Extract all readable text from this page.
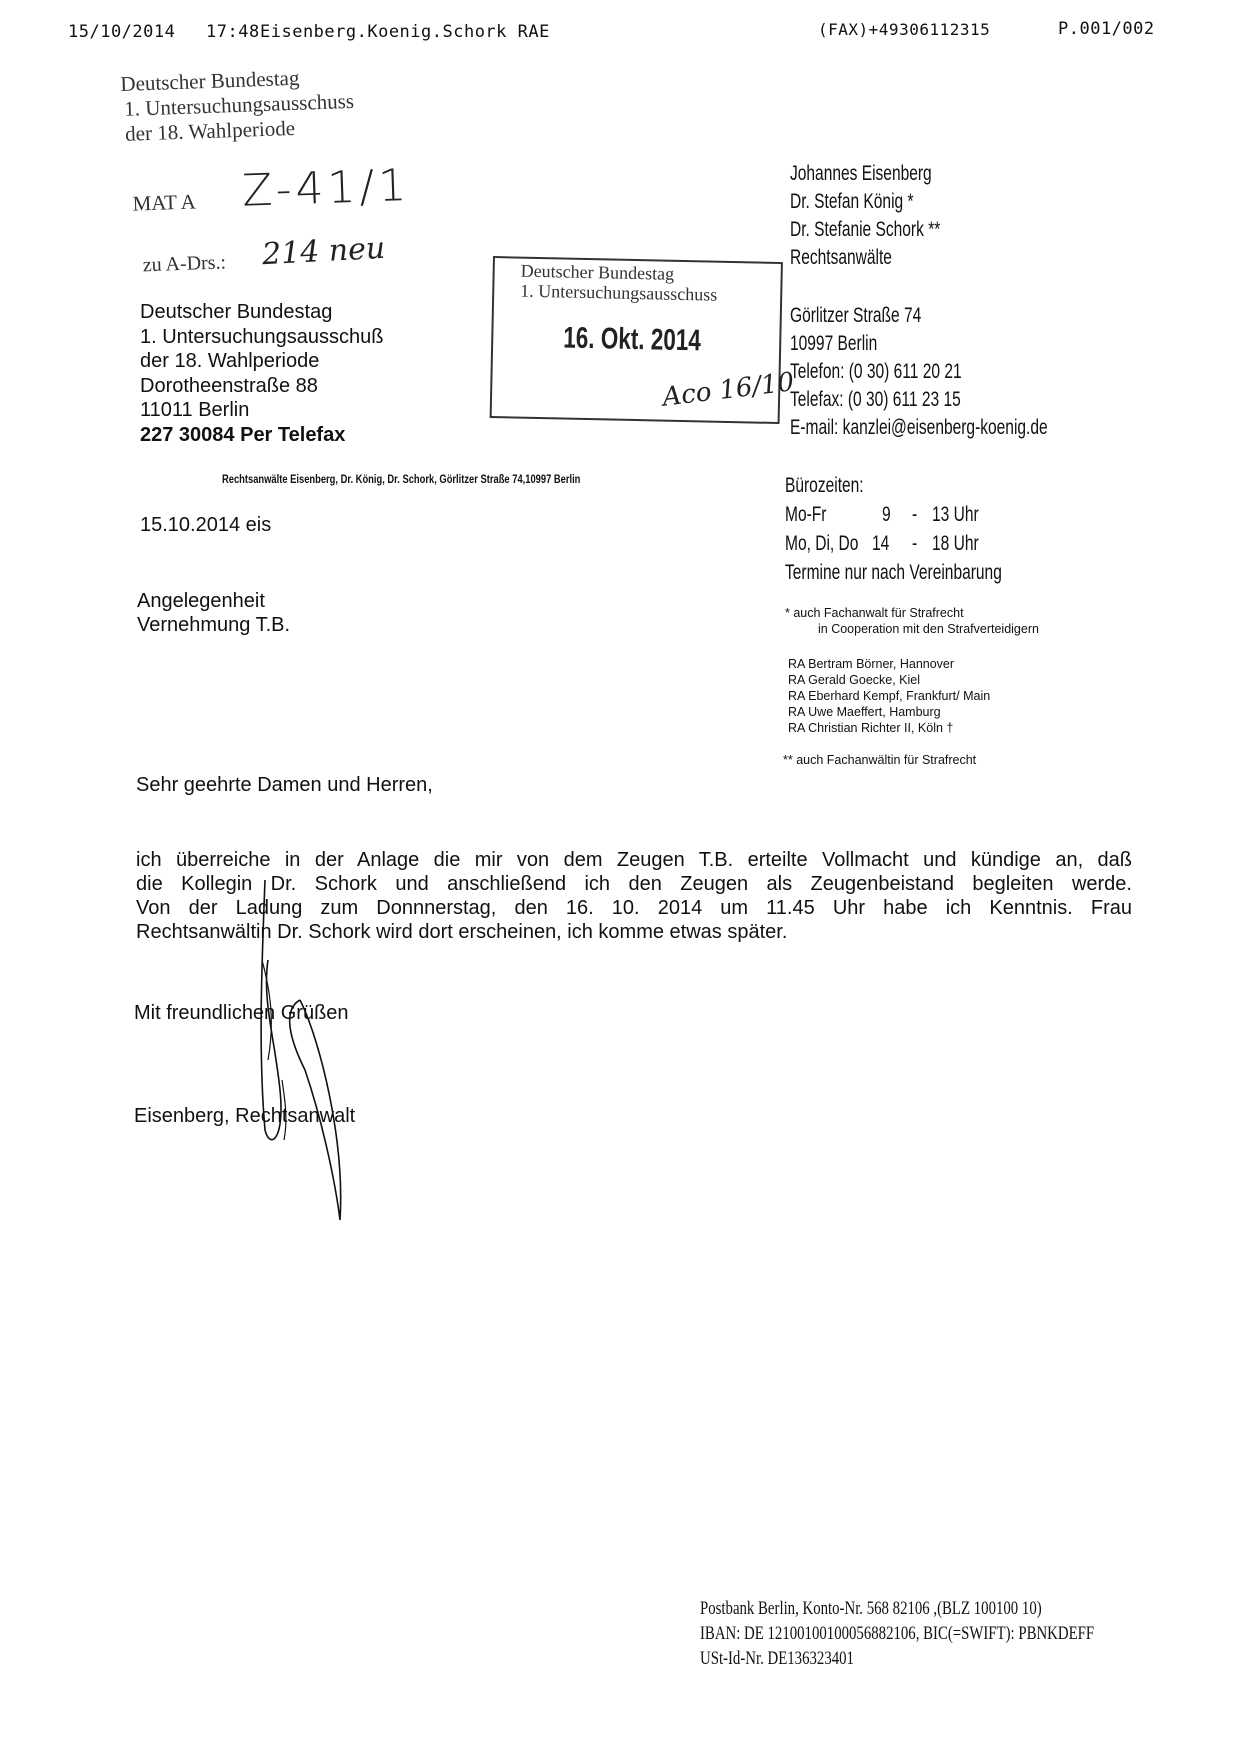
15/10/2014 17:48 Eisenberg.Koenig.Schork RAE	(FAX)+49306112315	P.001/002
Deutscher Bundestag
1. Untersuchungsausschuss
der 18. Wahlperiode
MAT A Z-41/1
zu A-Drs.: 214 neu	Deutscher Bundestag
1. Untersuchungsausschuss
16. Okt. 2014
Aco 16/10
Deutscher Bundestag
1. Untersuchungsausschuß
der 18. Wahlperiode
Dorotheenstraße 88
11011 Berlin
227 30084 Per Telefax
Rechtsanwälte Eisenberg, Dr. König, Dr. Schork, Görlitzer Straße 74,10997 Berlin
15.10.2014 eis
Angelegenheit
Vernehmung T.B.
Johannes Eisenberg
Dr. Stefan König *
Dr. Stefanie Schork **
Rechtsanwälte
Görlitzer Straße 74
10997 Berlin
Telefon: (0 30) 611 20 21
Telefax: (0 30) 611 23 15
E-mail: kanzlei@eisenberg-koenig.de
Bürozeiten:
Mo-Fr	9 - 13 Uhr
Mo, Di, Do 14 - 18 Uhr
Termine nur nach Vereinbarung
* auch Fachanwalt für Strafrecht
in Cooperation mit den Strafverteidigern
RA Bertram Börner, Hannover
RA Gerald Goecke, Kiel
RA Eberhard Kempf, Frankfurt/ Main
RA Uwe Maeffert, Hamburg
RA Christian Richter II, Köln †
** auch Fachanwältin für Strafrecht
Sehr geehrte Damen und Herren,
ich überreiche in der Anlage die mir von dem Zeugen T.B. erteilte Vollmacht und kündige an, daß
die Kollegin Dr. Schork und anschließend ich den Zeugen als Zeugenbeistand begleiten werde.
Von der Ladung zum Donnnerstag, den 16. 10. 2014 um 11.45 Uhr habe ich Kenntnis. Frau
Rechtsanwältin Dr. Schork wird dort erscheinen, ich komme etwas später.
Mit freundlichen Grüßen
Eisenberg, Rechtsanwalt
Postbank Berlin, Konto-Nr. 568 82106 ,(BLZ 100100 10)
IBAN: DE 12100100100056882106, BIC(=SWIFT): PBNKDEFF
USt-Id-Nr. DE136323401
